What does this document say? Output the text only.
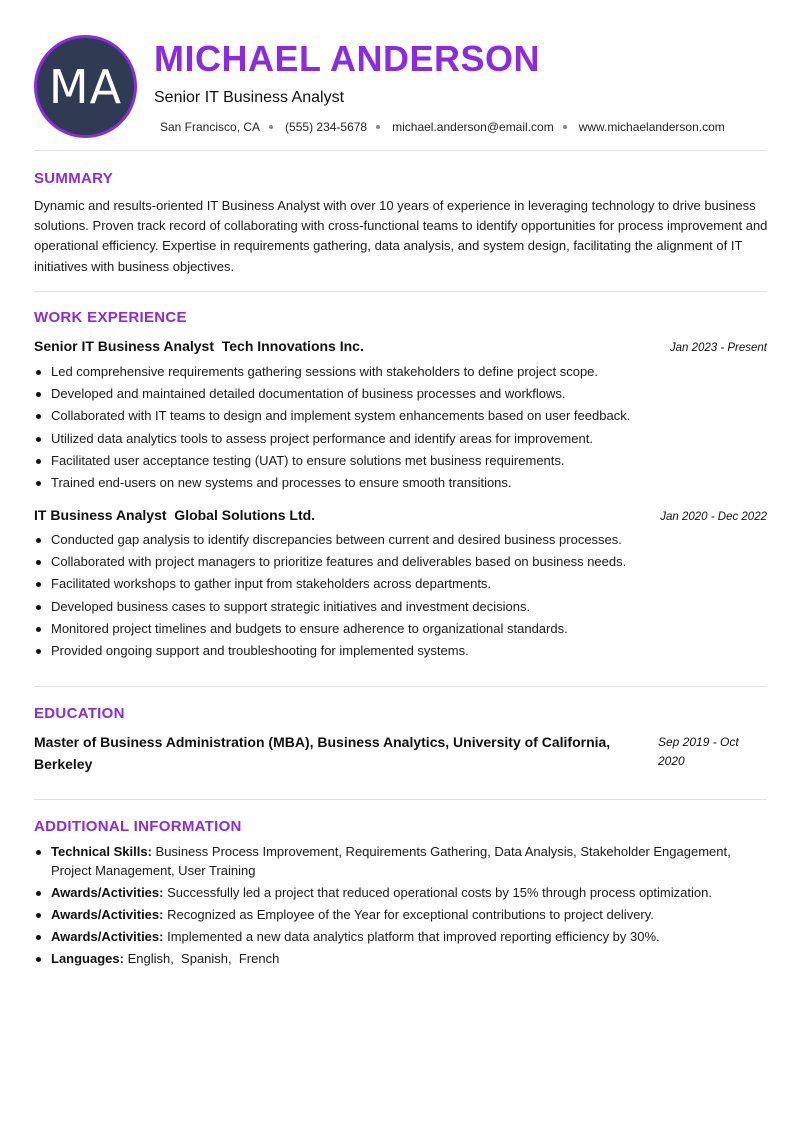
MA
MICHAEL ANDERSON
Senior IT Business Analyst
San Francisco, CA (555) 234-5678 michael.anderson@email.com www.michaelanderson.com
SUMMARY
Dynamic and results-oriented IT Business Analyst with over 10 years of experience in leveraging technology to drive business solutions. Proven track record of collaborating with cross-functional teams to identify opportunities for process improvement and operational efficiency. Expertise in requirements gathering, data analysis, and system design, facilitating the alignment of IT initiatives with business objectives.
WORK EXPERIENCE
Senior IT Business Analyst  Tech Innovations Inc.	Jan 2023 - Present
Led comprehensive requirements gathering sessions with stakeholders to define project scope.
Developed and maintained detailed documentation of business processes and workflows.
Collaborated with IT teams to design and implement system enhancements based on user feedback.
Utilized data analytics tools to assess project performance and identify areas for improvement.
Facilitated user acceptance testing (UAT) to ensure solutions met business requirements.
Trained end-users on new systems and processes to ensure smooth transitions.
IT Business Analyst  Global Solutions Ltd.	Jan 2020 - Dec 2022
Conducted gap analysis to identify discrepancies between current and desired business processes.
Collaborated with project managers to prioritize features and deliverables based on business needs.
Facilitated workshops to gather input from stakeholders across departments.
Developed business cases to support strategic initiatives and investment decisions.
Monitored project timelines and budgets to ensure adherence to organizational standards.
Provided ongoing support and troubleshooting for implemented systems.
EDUCATION
Master of Business Administration (MBA), Business Analytics, University of California, Berkeley
Sep 2019 - Oct 2020
ADDITIONAL INFORMATION
Technical Skills: Business Process Improvement, Requirements Gathering, Data Analysis, Stakeholder Engagement, Project Management, User Training
Awards/Activities: Successfully led a project that reduced operational costs by 15% through process optimization.
Awards/Activities: Recognized as Employee of the Year for exceptional contributions to project delivery.
Awards/Activities: Implemented a new data analytics platform that improved reporting efficiency by 30%.
Languages: English,  Spanish,  French
